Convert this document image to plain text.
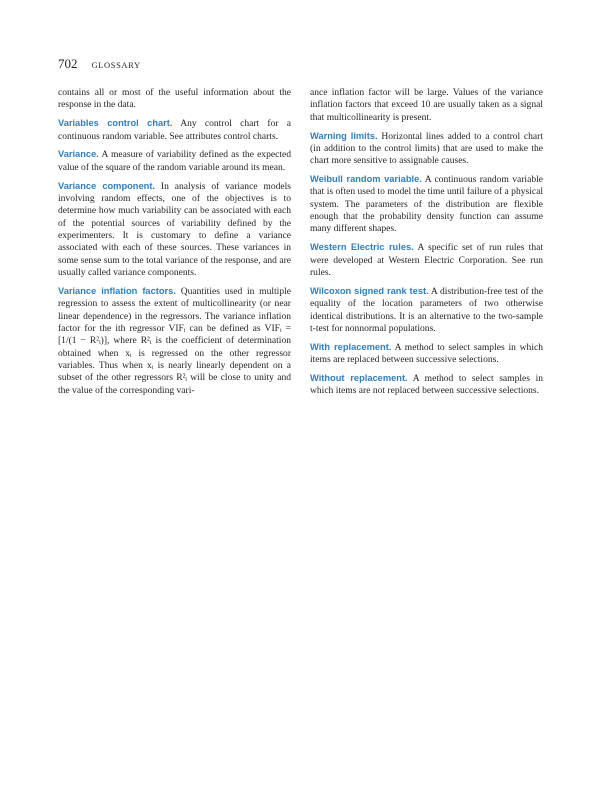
702 GLOSSARY

contains all or most of the useful information about the response in the data.

Variables control chart. Any control chart for a continuous random variable. See attributes control charts.

Variance. A measure of variability defined as the expected value of the square of the random variable around its mean.

Variance component. In analysis of variance models involving random effects, one of the objectives is to determine how much variability can be associated with each of the potential sources of variability defined by the experimenters. It is customary to define a variance associated with each of these sources. These variances in some sense sum to the total variance of the response, and are usually called variance components.

Variance inflation factors. Quantities used in multiple regression to assess the extent of multicollinearity (or near linear dependence) in the regressors. The variance inflation factor for the ith regressor VIFᵢ can be defined as VIFᵢ = [1/(1 − R²ᵢ)], where R²ᵢ is the coefficient of determination obtained when xᵢ is regressed on the other regressor variables. Thus when xᵢ is nearly linearly dependent on a subset of the other regressors R²ᵢ will be close to unity and the value of the corresponding vari-

ance inflation factor will be large. Values of the variance inflation factors that exceed 10 are usually taken as a signal that multicollinearity is present.

Warning limits. Horizontal lines added to a control chart (in addition to the control limits) that are used to make the chart more sensitive to assignable causes.

Weibull random variable. A continuous random variable that is often used to model the time until failure of a physical system. The parameters of the distribution are flexible enough that the probability density function can assume many different shapes.

Western Electric rules. A specific set of run rules that were developed at Western Electric Corporation. See run rules.

Wilcoxon signed rank test. A distribution-free test of the equality of the location parameters of two otherwise identical distributions. It is an alternative to the two-sample t-test for nonnormal populations.

With replacement. A method to select samples in which items are replaced between successive selections.

Without replacement. A method to select samples in which items are not replaced between successive selections.
